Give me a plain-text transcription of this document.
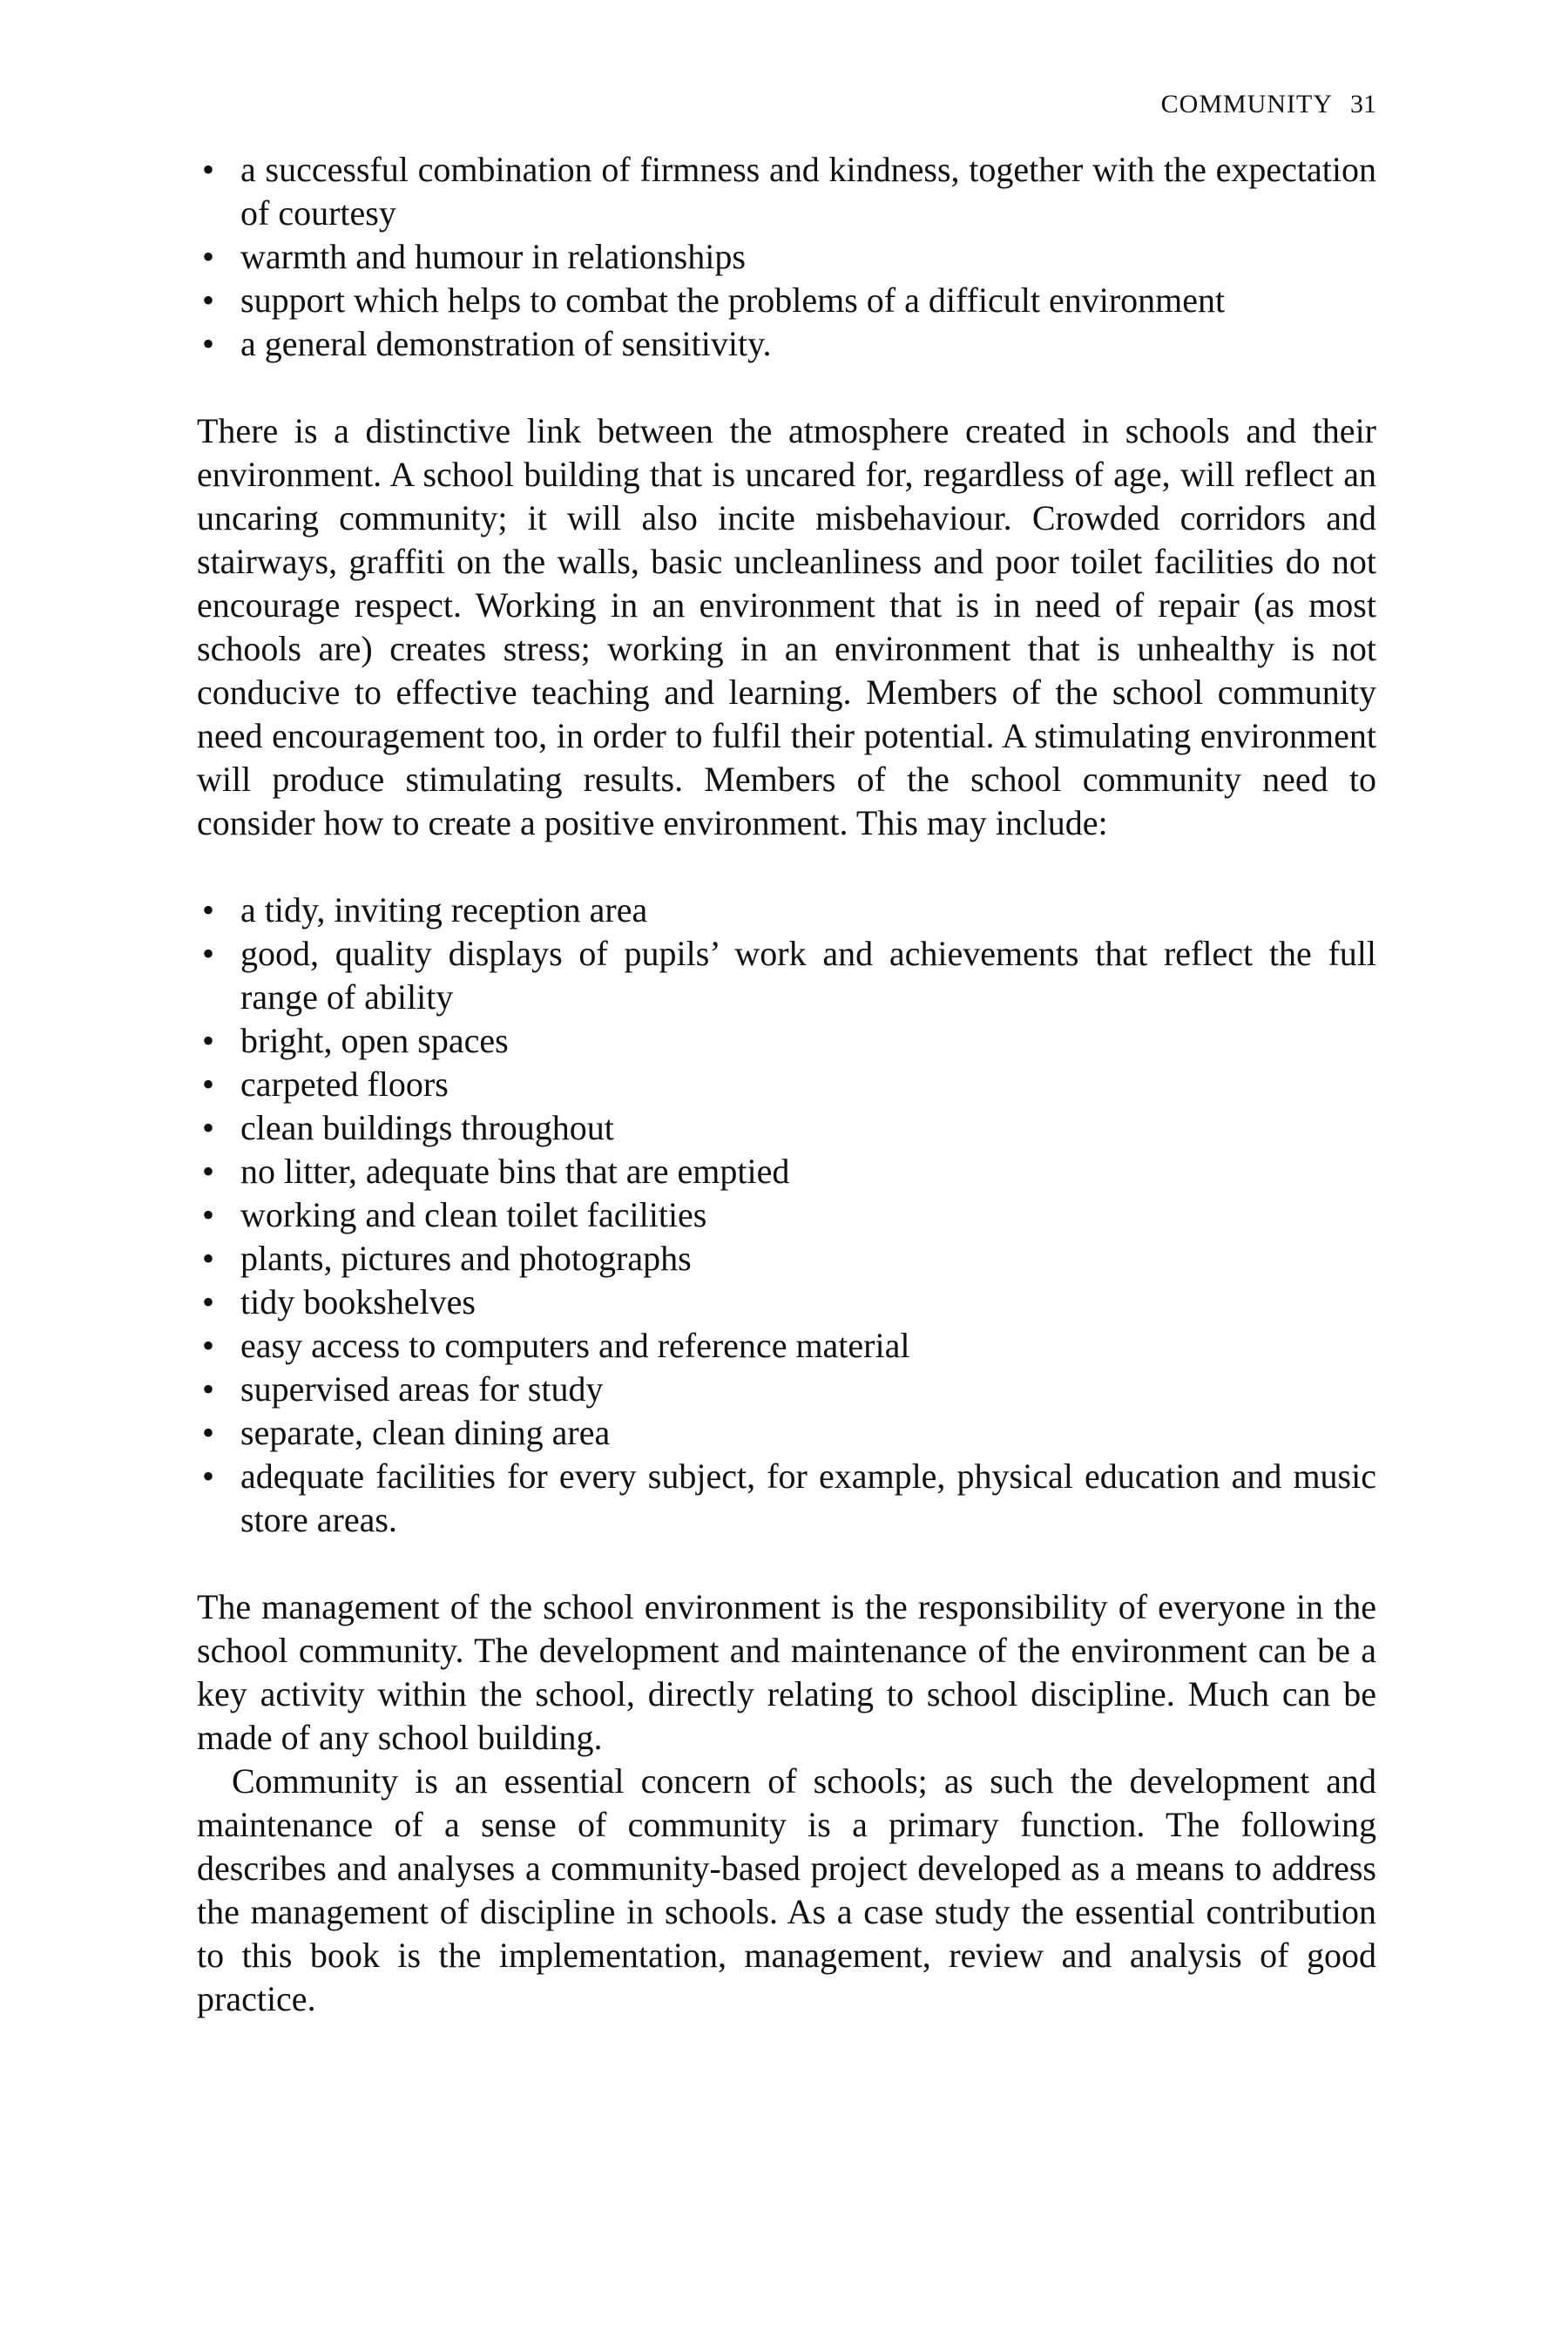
COMMUNITY 31
• a successful combination of firmness and kindness, together with the expectation of courtesy
• warmth and humour in relationships
• support which helps to combat the problems of a difficult environment
• a general demonstration of sensitivity.

There is a distinctive link between the atmosphere created in schools and their environment. A school building that is uncared for, regardless of age, will reflect an uncaring community; it will also incite misbehaviour. Crowded corridors and stairways, graffiti on the walls, basic uncleanliness and poor toilet facilities do not encourage respect. Working in an environment that is in need of repair (as most schools are) creates stress; working in an environment that is unhealthy is not conducive to effective teaching and learning. Members of the school community need encouragement too, in order to fulfil their potential. A stimulating environment will produce stimulating results. Members of the school community need to consider how to create a positive environment. This may include:

• a tidy, inviting reception area
• good, quality displays of pupils’ work and achievements that reflect the full range of ability
• bright, open spaces
• carpeted floors
• clean buildings throughout
• no litter, adequate bins that are emptied
• working and clean toilet facilities
• plants, pictures and photographs
• tidy bookshelves
• easy access to computers and reference material
• supervised areas for study
• separate, clean dining area
• adequate facilities for every subject, for example, physical education and music store areas.

The management of the school environment is the responsibility of everyone in the school community. The development and maintenance of the environment can be a key activity within the school, directly relating to school discipline. Much can be made of any school building.

Community is an essential concern of schools; as such the development and maintenance of a sense of community is a primary function. The following describes and analyses a community-based project developed as a means to address the management of discipline in schools. As a case study the essential contribution to this book is the implementation, management, review and analysis of good practice.
